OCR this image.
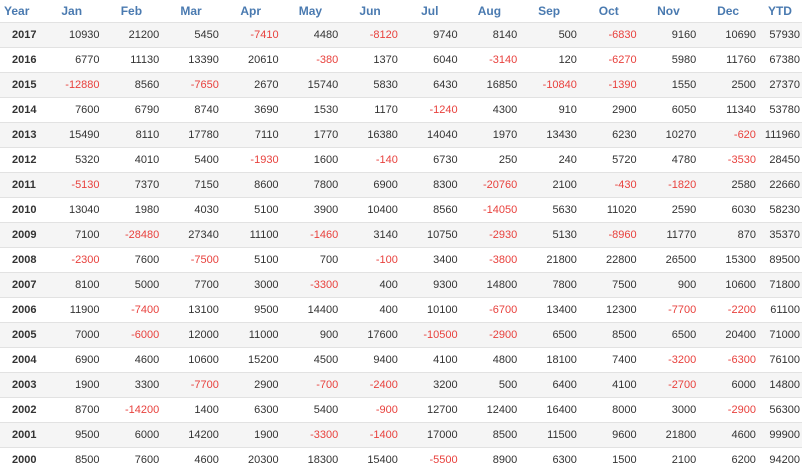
Year	Jan	Feb	Mar	Apr	May	Jun	Jul	Aug	Sep	Oct	Nov	Dec	YTD
2017	10930	21200	5450	-7410	4480	-8120	9740	8140	500	-6830	9160	10690	57930
2016	6770	11130	13390	20610	-380	1370	6040	-3140	120	-6270	5980	11760	67380
2015	-12880	8560	-7650	2670	15740	5830	6430	16850	-10840	-1390	1550	2500	27370
2014	7600	6790	8740	3690	1530	1170	-1240	4300	910	2900	6050	11340	53780
2013	15490	8110	17780	7110	1770	16380	14040	1970	13430	6230	10270	-620	111960
2012	5320	4010	5400	-1930	1600	-140	6730	250	240	5720	4780	-3530	28450
2011	-5130	7370	7150	8600	7800	6900	8300	-20760	2100	-430	-1820	2580	22660
2010	13040	1980	4030	5100	3900	10400	8560	-14050	5630	11020	2590	6030	58230
2009	7100	-28480	27340	11100	-1460	3140	10750	-2930	5130	-8960	11770	870	35370
2008	-2300	7600	-7500	5100	700	-100	3400	-3800	21800	22800	26500	15300	89500
2007	8100	5000	7700	3000	-3300	400	9300	14800	7800	7500	900	10600	71800
2006	11900	-7400	13100	9500	14400	400	10100	-6700	13400	12300	-7700	-2200	61100
2005	7000	-6000	12000	11000	900	17600	-10500	-2900	6500	8500	6500	20400	71000
2004	6900	4600	10600	15200	4500	9400	4100	4800	18100	7400	-3200	-6300	76100
2003	1900	3300	-7700	2900	-700	-2400	3200	500	6400	4100	-2700	6000	14800
2002	8700	-14200	1400	6300	5400	-900	12700	12400	16400	8000	3000	-2900	56300
2001	9500	6000	14200	1900	-3300	-1400	17000	8500	11500	9600	21800	4600	99900
2000	8500	7600	4600	20300	18300	15400	-5500	8900	6300	1500	2100	6200	94200
